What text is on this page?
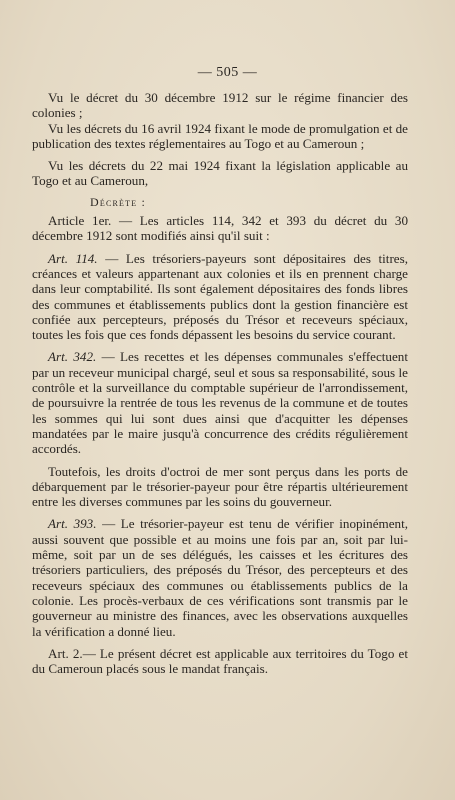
— 505 —

Vu le décret du 30 décembre 1912 sur le régime financier des colonies ;

Vu les décrets du 16 avril 1924 fixant le mode de promulgation et de publication des textes réglementaires au Togo et au Cameroun ;

Vu les décrets du 22 mai 1924 fixant la législation applicable au Togo et au Cameroun,

Décrète :

Article 1er. — Les articles 114, 342 et 393 du décret du 30 décembre 1912 sont modifiés ainsi qu'il suit :

Art. 114. — Les trésoriers-payeurs sont dépositaires des titres, créances et valeurs appartenant aux colonies et ils en prennent charge dans leur comptabilité. Ils sont également dépositaires des fonds libres des communes et établissements publics dont la gestion financière est confiée aux percepteurs, préposés du Trésor et receveurs spéciaux, toutes les fois que ces fonds dépassent les besoins du service courant.

Art. 342. — Les recettes et les dépenses communales s'effectuent par un receveur municipal chargé, seul et sous sa responsabilité, sous le contrôle et la surveillance du comptable supérieur de l'arrondissement, de poursuivre la rentrée de tous les revenus de la commune et de toutes les sommes qui lui sont dues ainsi que d'acquitter les dépenses mandatées par le maire jusqu'à concurrence des crédits régulièrement accordés.

Toutefois, les droits d'octroi de mer sont perçus dans les ports de débarquement par le trésorier-payeur pour être répartis ultérieurement entre les diverses communes par les soins du gouverneur.

Art. 393. — Le trésorier-payeur est tenu de vérifier inopinément, aussi souvent que possible et au moins une fois par an, soit par lui-même, soit par un de ses délégués, les caisses et les écritures des trésoriers particuliers, des préposés du Trésor, des percepteurs et des receveurs spéciaux des communes ou établissements publics de la colonie. Les procès-verbaux de ces vérifications sont transmis par le gouverneur au ministre des finances, avec les observations auxquelles la vérification a donné lieu.

Art. 2.— Le présent décret est applicable aux territoires du Togo et du Cameroun placés sous le mandat français.
